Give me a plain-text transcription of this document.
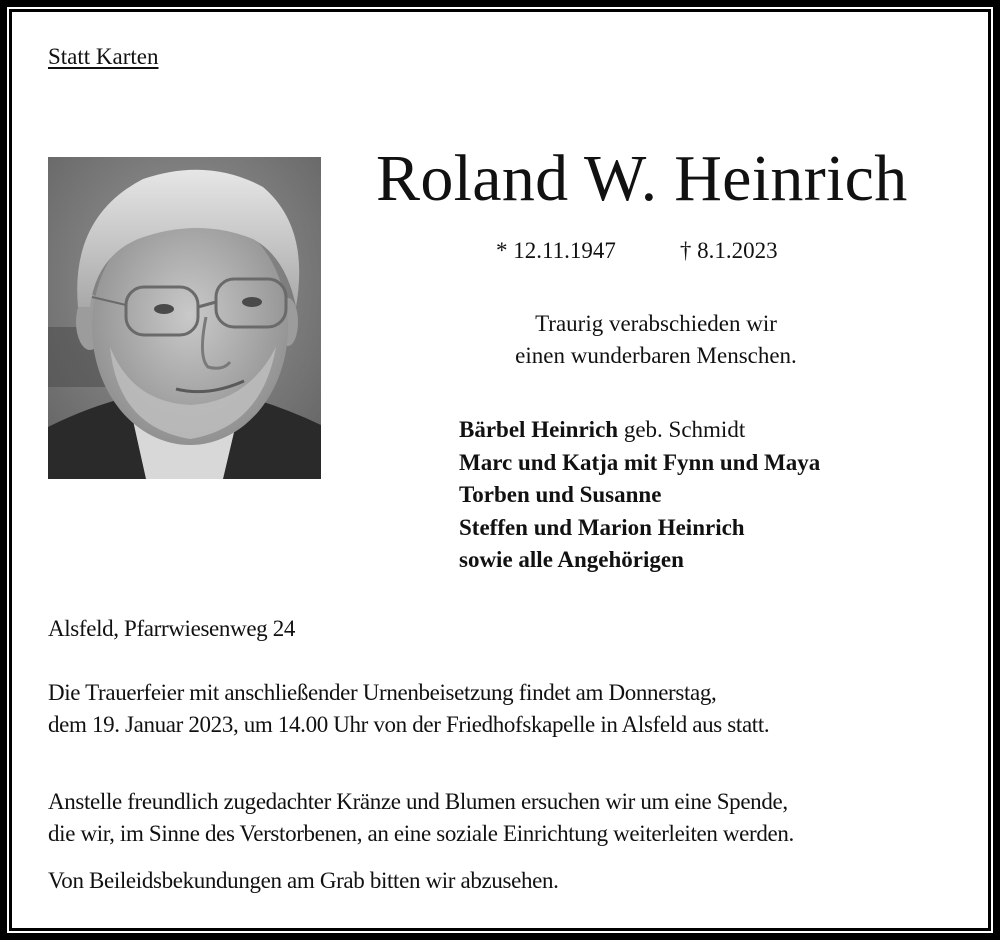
Statt Karten
Roland W. Heinrich
* 12.11.1947	† 8.1.2023
Traurig verabschieden wir
einen wunderbaren Menschen.
Bärbel Heinrich geb. Schmidt
Marc und Katja mit Fynn und Maya
Torben und Susanne
Steffen und Marion Heinrich
sowie alle Angehörigen
Alsfeld, Pfarrwiesenweg 24
Die Trauerfeier mit anschließender Urnenbeisetzung findet am Donnerstag,
dem 19. Januar 2023, um 14.00 Uhr von der Friedhofskapelle in Alsfeld aus statt.
Anstelle freundlich zugedachter Kränze und Blumen ersuchen wir um eine Spende,
die wir, im Sinne des Verstorbenen, an eine soziale Einrichtung weiterleiten werden.
Von Beileidsbekundungen am Grab bitten wir abzusehen.
